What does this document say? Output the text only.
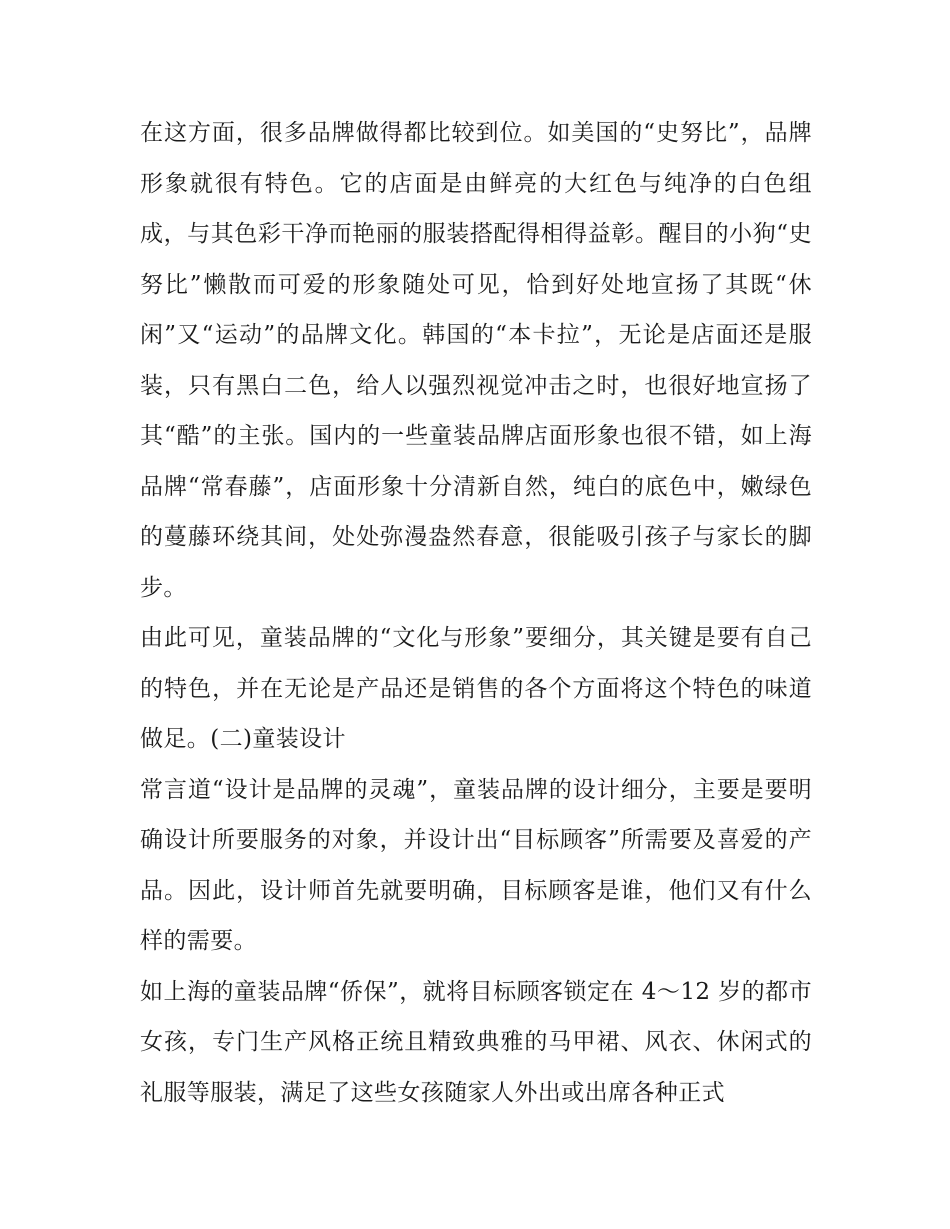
在这方面，很多品牌做得都比较到位。如美国的“史努比”，品牌形象就很有特色。它的店面是由鲜亮的大红色与纯净的白色组成，与其色彩干净而艳丽的服装搭配得相得益彰。醒目的小狗“史努比”懒散而可爱的形象随处可见，恰到好处地宣扬了其既“休闲”又“运动”的品牌文化。韩国的“本卡拉”，无论是店面还是服装，只有黑白二色，给人以强烈视觉冲击之时，也很好地宣扬了其“酷”的主张。国内的一些童装品牌店面形象也很不错，如上海品牌“常春藤”，店面形象十分清新自然，纯白的底色中，嫩绿色的蔓藤环绕其间，处处弥漫盎然春意，很能吸引孩子与家长的脚步。

由此可见，童装品牌的“文化与形象”要细分，其关键是要有自己的特色，并在无论是产品还是销售的各个方面将这个特色的味道做足。(二)童装设计

常言道“设计是品牌的灵魂”，童装品牌的设计细分，主要是要明确设计所要服务的对象，并设计出“目标顾客”所需要及喜爱的产品。因此，设计师首先就要明确，目标顾客是谁，他们又有什么样的需要。

如上海的童装品牌“侨保”，就将目标顾客锁定在 4～12 岁的都市女孩，专门生产风格正统且精致典雅的马甲裙、风衣、休闲式的礼服等服装，满足了这些女孩随家人外出或出席各种正式
